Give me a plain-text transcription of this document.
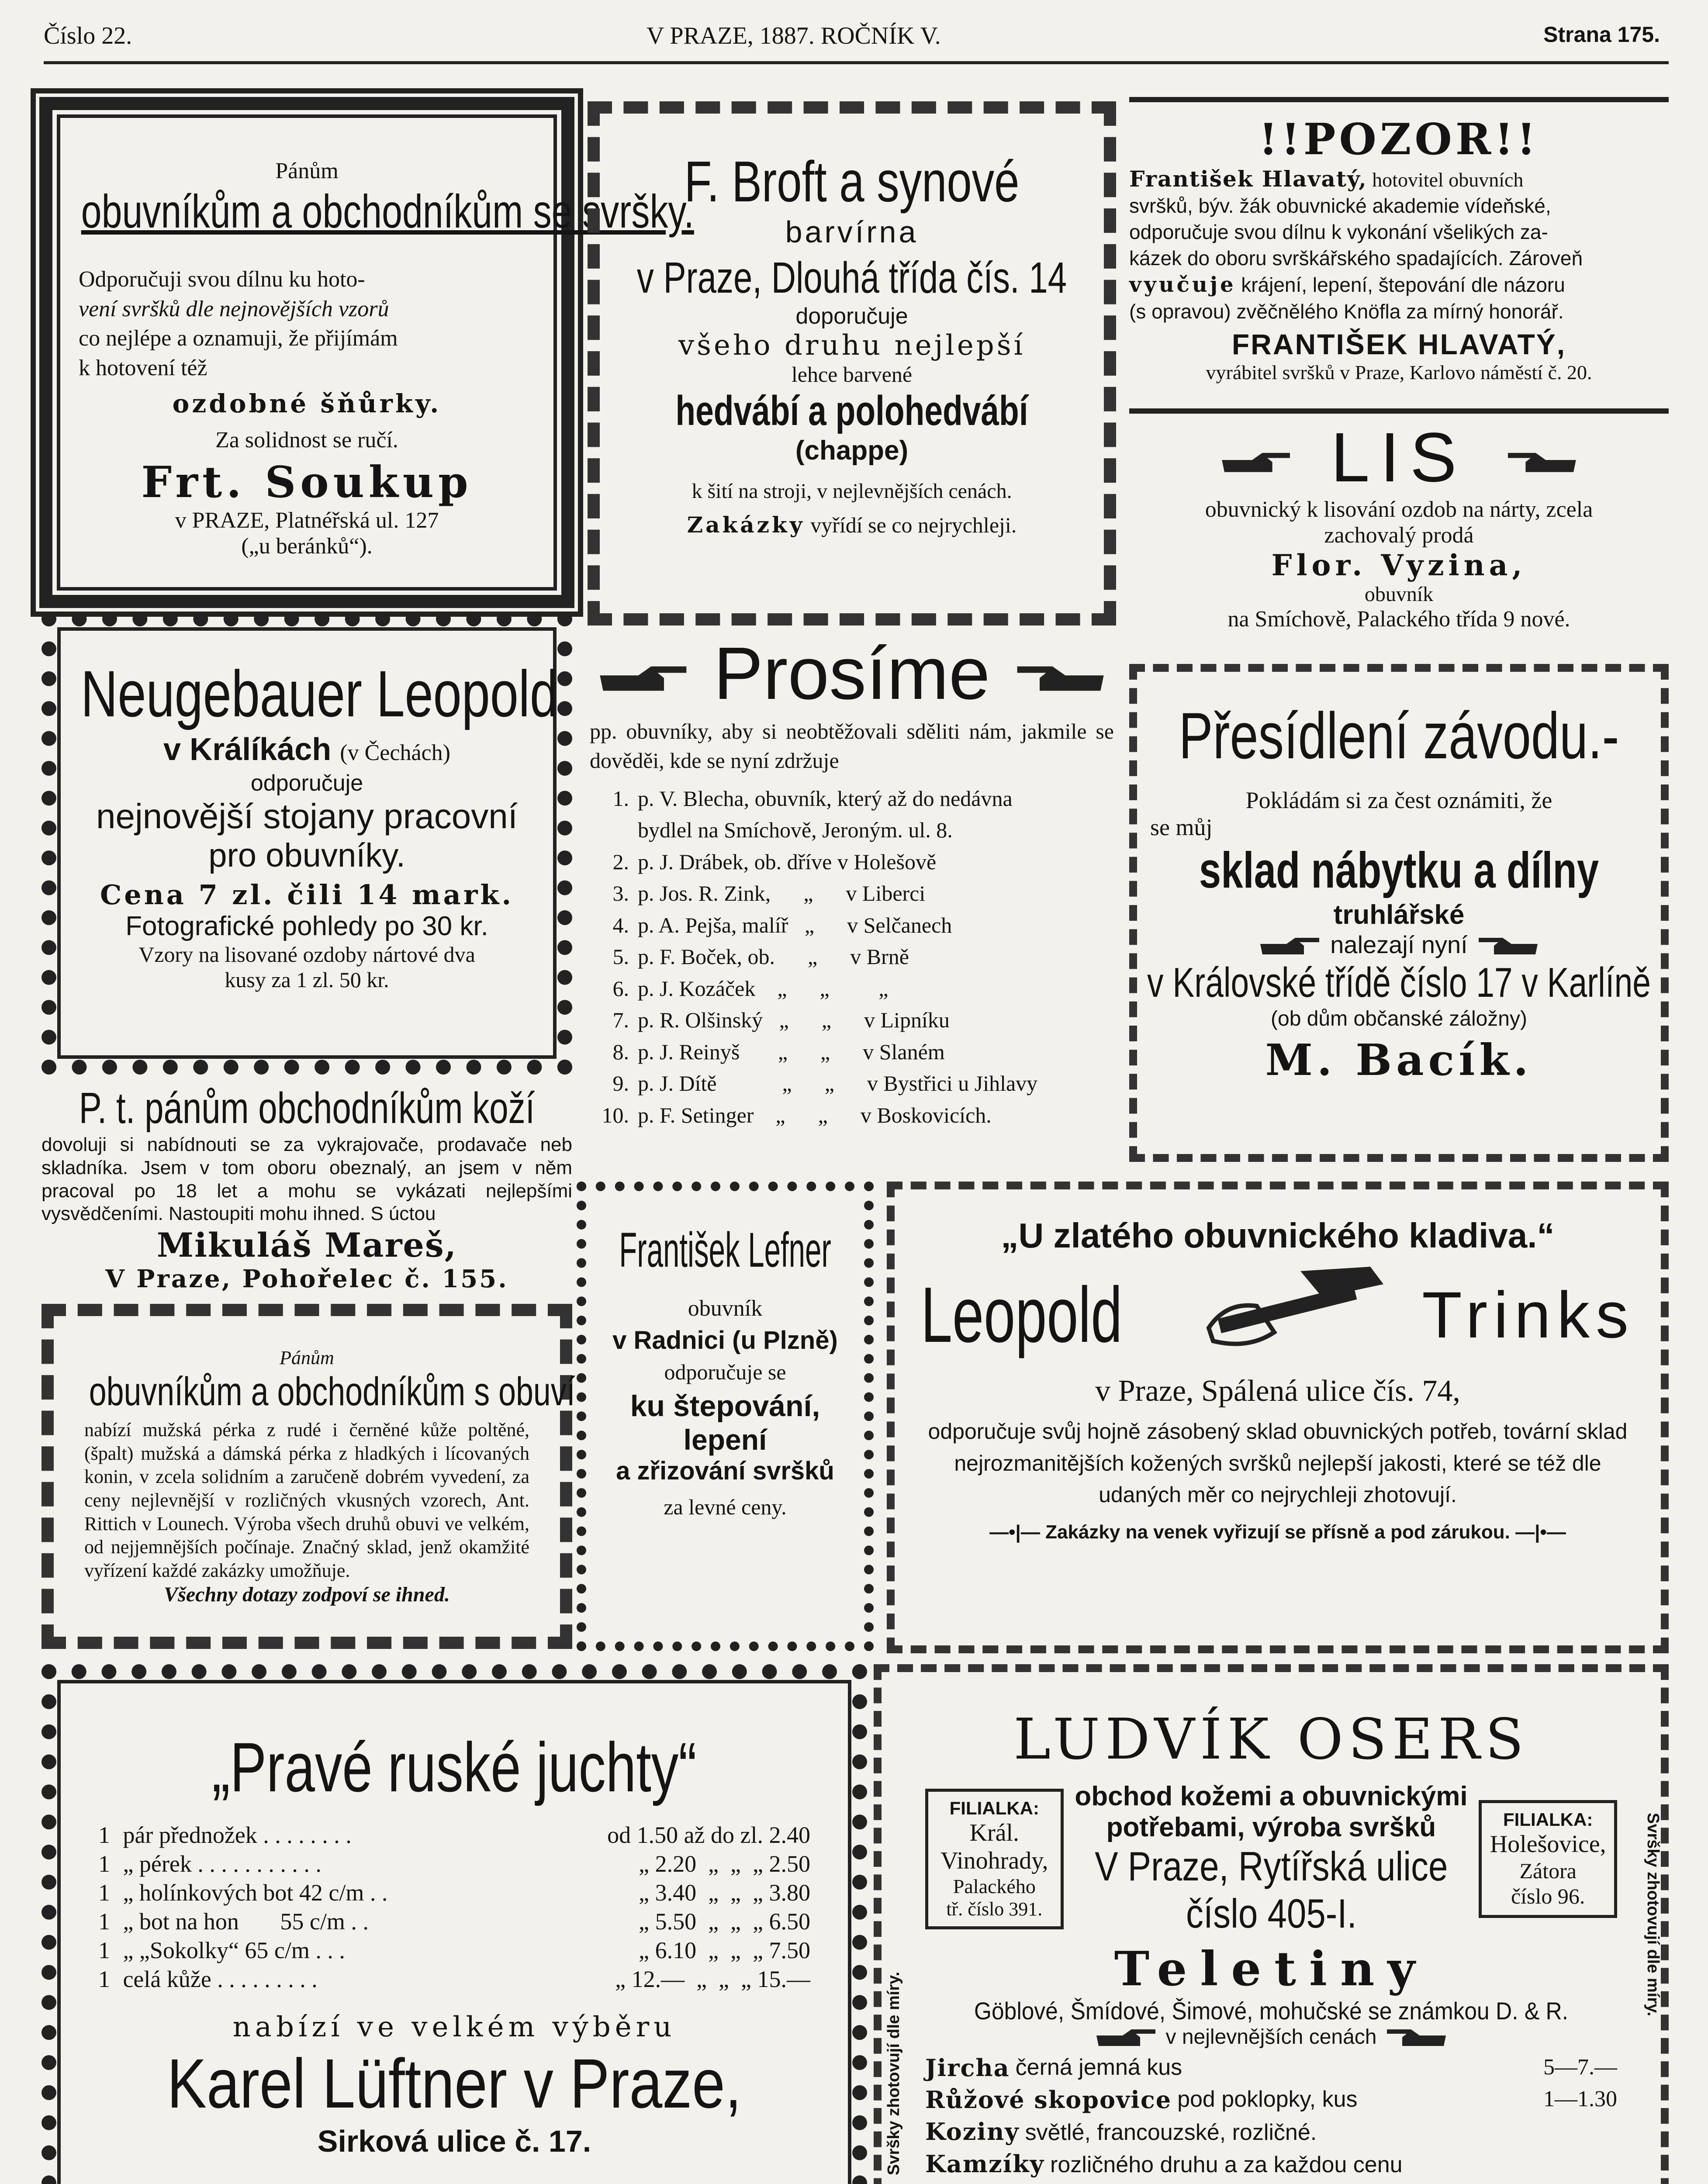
Číslo 22.	V PRAZE, 1887. ROČNÍK V.	Strana 175.
Pánům
obuvníkům a obchodníkům se svršky.
Odporučuji svou dílnu ku hoto-
vení svršků dle nejnovějších vzorů
co nejlépe a oznamuji, že přijímám
k hotovení též
ozdobné šňůrky.
Za solidnost se ručí.
Frt. Soukup
v PRAZE, Platnéřská ul. 127
(„u beránků“).
F. Broft a synové
barvírna
v Praze, Dlouhá třída čís. 14
doporučuje
všeho druhu nejlepší
lehce barvené
hedvábí a polohedvábí
(chappe)
k šití na stroji, v nejlevnějších cenách.
Zakázky vyřídí se co nejrychleji.
!!POZOR!!
František Hlavatý, hotovitel obuvních
svršků, býv. žák obuvnické akademie vídeňské,
odporučuje svou dílnu k vykonání všelikých za-
kázek do oboru svrškářského spadajících. Zároveň
vyučuje krájení, lepení, štepování dle názoru
(s opravou) zvěčnělého Knöfla za mírný honorář.
FRANTIŠEK HLAVATÝ,
vyrábitel svršků v Praze, Karlovo náměstí č. 20.
LIS
obuvnický k lisování ozdob na nárty, zcela
zachovalý prodá
Flor. Vyzina,
obuvník
na Smíchově, Palackého třída 9 nové.
Neugebauer Leopold
v Králíkách (v Čechách)
odporučuje
nejnovější stojany pracovní
pro obuvníky.
Cena 7 zl. čili 14 mark.
Fotografické pohledy po 30 kr.
Vzory na lisované ozdoby nártové dva
kusy za 1 zl. 50 kr.
Prosíme
pp. obuvníky, aby si neobtěžovali sděliti nám, jakmile se dověděi, kde se nyní zdržuje
1. p. V. Blecha, obuvník, který až do nedávna
bydlel na Smíchově, Jeroným. ul. 8.
2. p. J. Drábek, ob. dříve v Holešově
3. p. Jos. R. Zink,      „      v Liberci
4. p. A. Pejša, malíř   „      v Selčanech
5. p. F. Boček, ob.      „      v Brně
6. p. J. Kozáček    „      „         „
7. p. R. Olšinský   „      „      v Lipníku
8. p. J. Reinyš       „      „      v Slaném
9. p. J. Dítě            „      „      v Bystřici u Jihlavy
10. p. F. Setinger    „      „      v Boskovicích.
Přesídlení závodu.-
Pokládám si za čest oznámiti, že
se můj
sklad nábytku a dílny
truhlářské
nalezají nyní
v Královské třídě číslo 17 v Karlíně
(ob dům občanské záložny)
M. Bacík.
P. t. pánům obchodníkům koží
dovoluji si nabídnouti se za vykrajovače, prodavače neb skladníka. Jsem v tom oboru obeznalý, an jsem v něm pracoval po 18 let a mohu se vykázati nejlepšími vysvědčeními. Nastoupiti mohu ihned. S úctou
Mikuláš Mareš,
V Praze, Pohořelec č. 155.
Pánům
obuvníkům a obchodníkům s obuví
nabízí mužská pérka z rudé i černěné kůže poltěné, (špalt) mužská a dámská pérka z hladkých i lícovaných konin, v zcela solidním a zaručeně dobrém vyvedení, za ceny nejlevnější v rozličných vkusných vzorech, Ant. Rittich v Lounech. Výroba všech druhů obuvi ve velkém, od nejjemnějších počínaje. Značný sklad, jenž okamžité vyřízení každé zakázky umožňuje.
Všechny dotazy zodpoví se ihned.
František Lefner
obuvník
v Radnici (u Plzně)
odporučuje se
ku štepování,
lepení
a zřizování svršků
za levné ceny.
„U zlatého obuvnického kladiva.“
Leopold	Trinks
v Praze, Spálená ulice čís. 74,
odporučuje svůj hojně zásobený sklad obuvnických potřeb, tovární sklad nejrozmanitějších kožených svršků nejlepší jakosti, které se též dle udaných měr co nejrychleji zhotovují.
—•|— Zakázky na venek vyřizují se přísně a pod zárukou. —|•—
„Pravé ruské juchty“
1	pár přednožek . . . . . . . .	od 1.50 až do zl. 2.40
1	„ pérek . . . . . . . . . . .	„ 2.20  „  „  „ 2.50
1	„ holínkových bot 42 c/m . .	„ 3.40  „  „  „ 3.80
1	„ bot na hon       55 c/m . .	„ 5.50  „  „  „ 6.50
1	„ „Sokolky“ 65 c/m . . .	„ 6.10  „  „  „ 7.50
1	celá kůže . . . . . . . . .	„ 12.—  „  „  „ 15.—
nabízí ve velkém výběru
Karel Lüftner v Praze,
Sirková ulice č. 17.
LUDVÍK OSERS
FILIALKA:
Král.
Vinohrady,
Palackého
tř. číslo 391.
obchod kožemi a obuvnickými
potřebami, výroba svršků
V Praze, Rytířská ulice
číslo 405-I.
FILIALKA:
Holešovice,
Zátora
číslo 96.
Teletiny
Göblové, Šmídové, Šimové, mohučské se známkou D. & R.
v nejlevnějších cenách
Jircha
černá jemná kus	5—7.—
Růžové skopovice
pod poklopky, kus	1—1.30
Koziny světlé, francouzské, rozličné.
Kamzíky rozličného druhu a za každou cenu
Svršky zhotovují dle míry.
Svršky zhotovují dle míry.
